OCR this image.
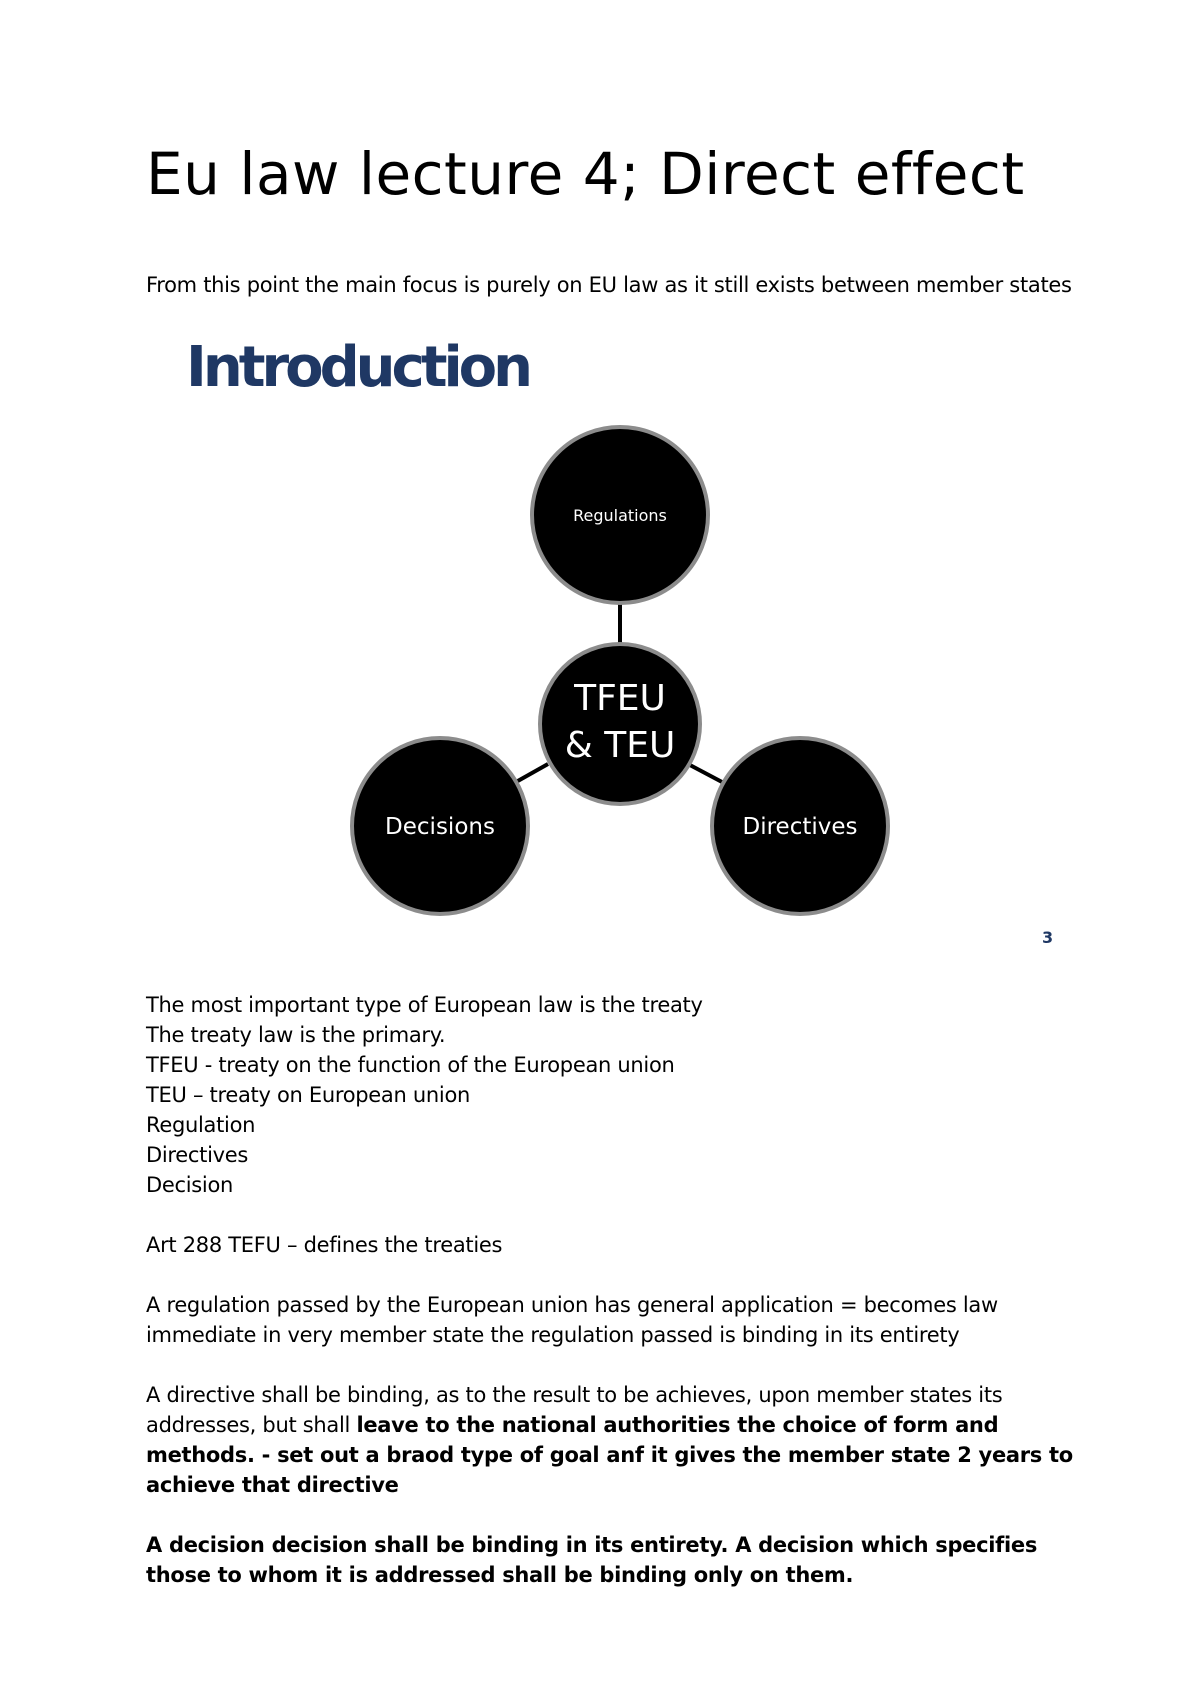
Eu law lecture 4; Direct effect
From this point the main focus is purely on EU law as it still exists between member states
Introduction
Regulations
TFEU
& TEU
Decisions	Directives
3

The most important type of European law is the treaty

The treaty law is the primary.

TFEU - treaty on the function of the European union

TEU – treaty on European union

Regulation

Directives

Decision

Art 288 TEFU – defines the treaties

A regulation passed by the European union has general application = becomes law immediate in very member state the regulation passed is binding in its entirety

A directive shall be binding, as to the result to be achieves, upon member states its addresses, but shall leave to the national authorities the choice of form and methods. - set out a braod type of goal anf it gives the member state 2 years to achieve that directive

A decision decision shall be binding in its entirety. A decision which specifies those to whom it is addressed shall be binding only on them.
